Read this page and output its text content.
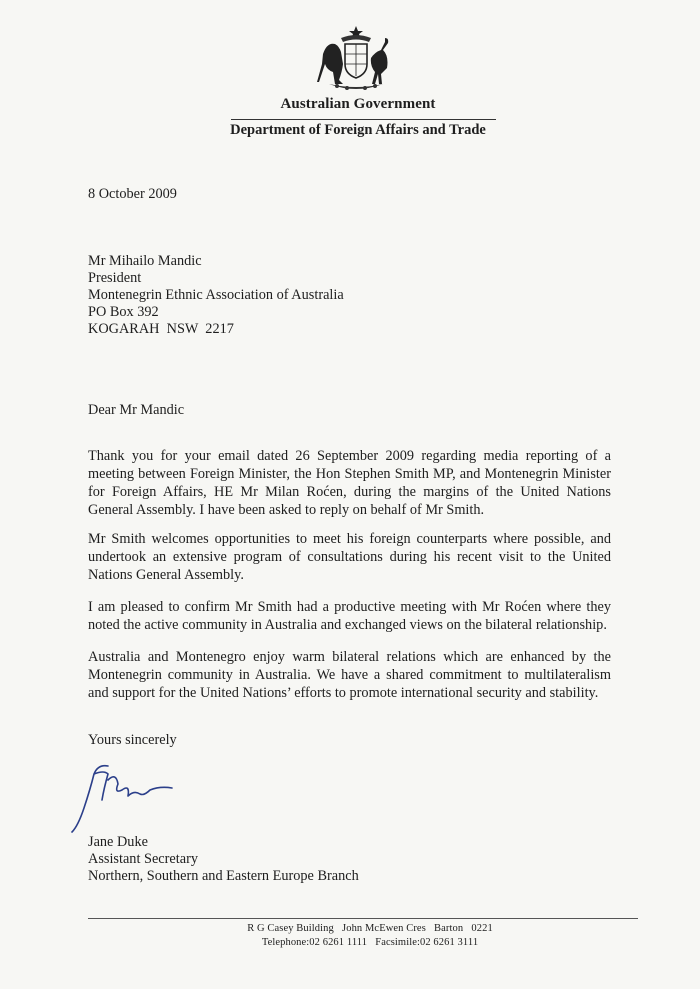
Australian Government
Department of Foreign Affairs and Trade
8 October 2009
Mr Mihailo Mandic
President
Montenegrin Ethnic Association of Australia
PO Box 392
KOGARAH  NSW  2217
Dear Mr Mandic
Thank you for your email dated 26 September 2009 regarding media reporting of a meeting between Foreign Minister, the Hon Stephen Smith MP, and Montenegrin Minister for Foreign Affairs, HE Mr Milan Roćen, during the margins of the United Nations General Assembly. I have been asked to reply on behalf of Mr Smith.
Mr Smith welcomes opportunities to meet his foreign counterparts where possible, and undertook an extensive program of consultations during his recent visit to the United Nations General Assembly.
I am pleased to confirm Mr Smith had a productive meeting with Mr Roćen where they noted the active community in Australia and exchanged views on the bilateral relationship.
Australia and Montenegro enjoy warm bilateral relations which are enhanced by the Montenegrin community in Australia. We have a shared commitment to multilateralism and support for the United Nations’ efforts to promote international security and stability.
Yours sincerely
Jane Duke
Assistant Secretary
Northern, Southern and Eastern Europe Branch
R G Casey Building   John McEwen Cres   Barton   0221
Telephone:02 6261 1111   Facsimile:02 6261 3111
